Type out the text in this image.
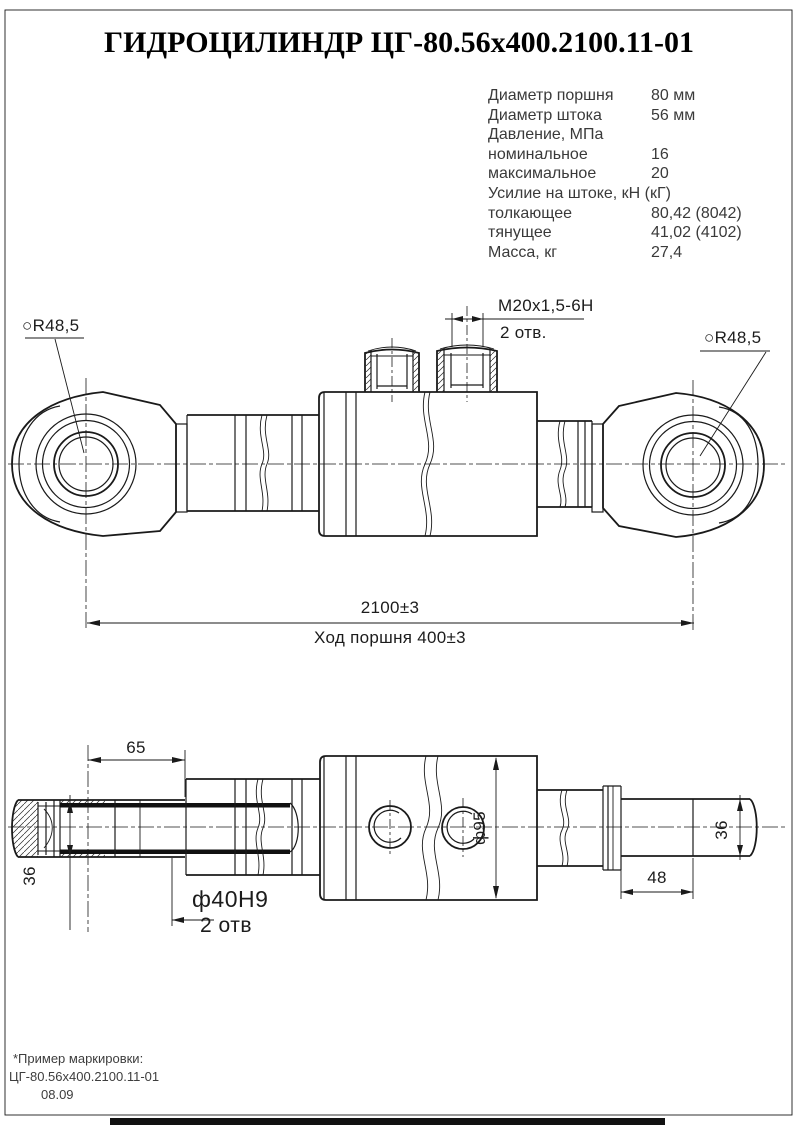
ГИДРОЦИЛИНДР ЦГ-80.56х400.2100.11-01
Диаметр поршня	80 мм
Диаметр штока	56 мм
Давление, МПа
номинальное	16
максимальное	20
Усилие на штоке, кН (кГ)
толкающее	80,42 (8042)
тянущее	41,02 (4102)
Масса, кг	27,4
○R48,5
○R48,5
М20х1,5-6Н
2 отв.
2100±3
Ход поршня 400±3
65
36
ф40Н9
2 отв
ф95
48
36
*Пример маркировки:
ЦГ-80.56х400.2100.11-01
08.09
